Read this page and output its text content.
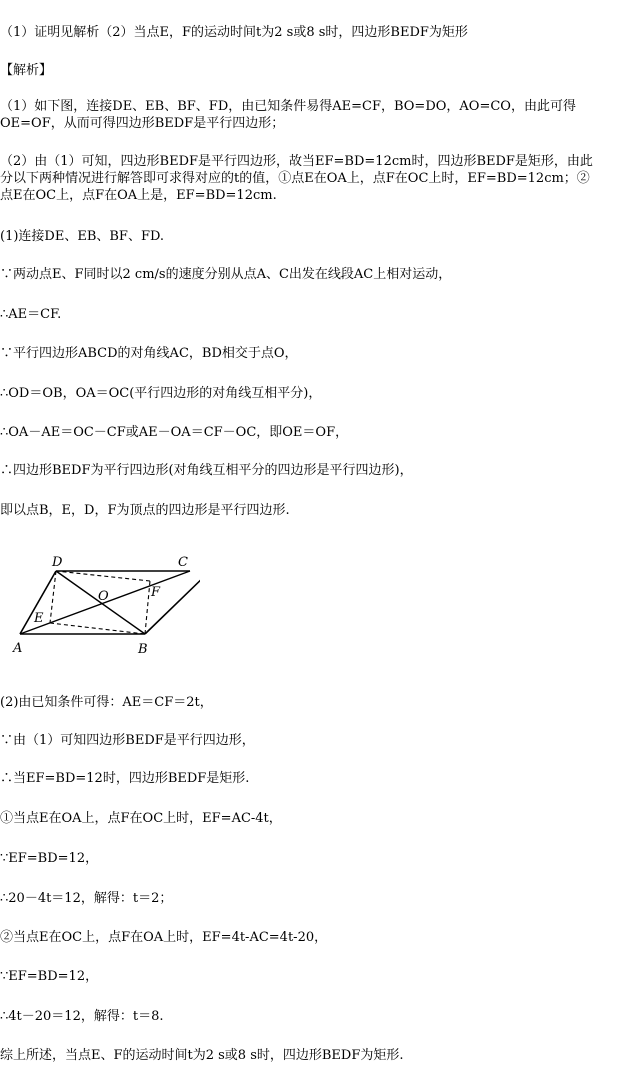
（1）证明见解析（2）当点E，F的运动时间t为2 s或8 s时，四边形BEDF为矩形
【解析】
（1）如下图，连接DE、EB、BF、FD，由已知条件易得AE=CF，BO=DO，AO=CO，由此可得
OE=OF，从而可得四边形BEDF是平行四边形；
（2）由（1）可知，四边形BEDF是平行四边形，故当EF=BD=12cm时，四边形BEDF是矩形，由此
分以下两种情况进行解答即可求得对应的t的值，①点E在OA上，点F在OC上时，EF=BD=12cm；②
点E在OC上，点F在OA上是，EF=BD=12cm.
(1)连接DE、EB、BF、FD.
∵两动点E、F同时以2 cm/s的速度分别从点A、C出发在线段AC上相对运动，
∴AE＝CF.
∵平行四边形ABCD的对角线AC，BD相交于点O，
∴OD＝OB，OA＝OC(平行四边形的对角线互相平分)，
∴OA－AE＝OC－CF或AE－OA＝CF－OC，即OE＝OF，
∴四边形BEDF为平行四边形(对角线互相平分的四边形是平行四边形)，
即以点B，E，D，F为顶点的四边形是平行四边形.
D	C
O	F
E
A	B
(2)由已知条件可得：AE＝CF＝2t，
∵由（1）可知四边形BEDF是平行四边形，
∴当EF=BD=12时，四边形BEDF是矩形.
①当点E在OA上，点F在OC上时，EF=AC-4t，
∵EF=BD=12，
∴20－4t＝12，解得：t＝2；
②当点E在OC上，点F在OA上时，EF=4t-AC=4t-20，
∵EF=BD=12，
∴4t－20＝12，解得：t＝8.
综上所述，当点E、F的运动时间t为2 s或8 s时，四边形BEDF为矩形.
